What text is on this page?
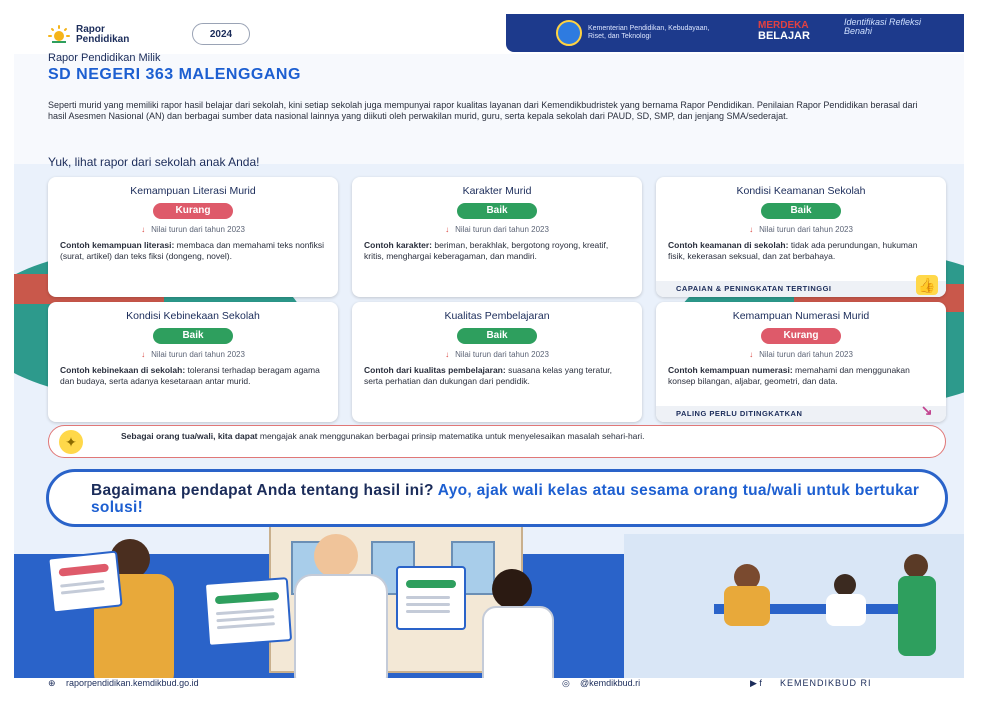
Rapor
Pendidikan	2024	Kementerian Pendidikan, Kebudayaan, Riset, dan Teknologi
MERDEKA
BELAJAR
Identifikasi Refleksi Benahi
Rapor Pendidikan Milik
SD NEGERI 363 MALENGGANG
Seperti murid yang memiliki rapor hasil belajar dari sekolah, kini setiap sekolah juga mempunyai rapor kualitas layanan dari Kemendikbudristek yang bernama Rapor Pendidikan. Penilaian Rapor Pendidikan berasal dari hasil Asesmen Nasional (AN) dan berbagai sumber data nasional lainnya yang diikuti oleh perwakilan murid, guru, serta kepala sekolah dari PAUD, SD, SMP, dan jenjang SMA/sederajat.
Yuk, lihat rapor dari sekolah anak Anda!
Kemampuan Literasi Murid
Kurang
↓ Nilai turun dari tahun 2023
Contoh kemampuan literasi: membaca dan memahami teks nonfiksi (surat, artikel) dan teks fiksi (dongeng, novel).
Karakter Murid
Baik
↓ Nilai turun dari tahun 2023
Contoh karakter: beriman, berakhlak, bergotong royong, kreatif, kritis, menghargai keberagaman, dan mandiri.
Kondisi Keamanan Sekolah
Baik
↓ Nilai turun dari tahun 2023
Contoh keamanan di sekolah: tidak ada perundungan, hukuman fisik, kekerasan seksual, dan zat berbahaya.
CAPAIAN & PENINGKATAN TERTINGGI	👍
Kondisi Kebinekaan Sekolah
Baik
↓ Nilai turun dari tahun 2023
Contoh kebinekaan di sekolah: toleransi terhadap beragam agama dan budaya, serta adanya kesetaraan antar murid.
Kualitas Pembelajaran
Baik
↓ Nilai turun dari tahun 2023
Contoh dari kualitas pembelajaran: suasana kelas yang teratur, serta perhatian dan dukungan dari pendidik.
Kemampuan Numerasi Murid
Kurang
↓ Nilai turun dari tahun 2023
Contoh kemampuan numerasi: memahami dan menggunakan konsep bilangan, aljabar, geometri, dan data.
PALING PERLU DITINGKATKAN	↘
✦	Sebagai orang tua/wali, kita dapat mengajak anak menggunakan berbagai prinsip matematika untuk menyelesaikan masalah sehari-hari.
Bagaimana pendapat Anda tentang hasil ini? Ayo, ajak wali kelas atau sesama orang tua/wali untuk bertukar solusi!
⊕ raporpendidikan.kemdikbud.go.id	◎ @kemdikbud.ri	▶ f KEMENDIKBUD RI
